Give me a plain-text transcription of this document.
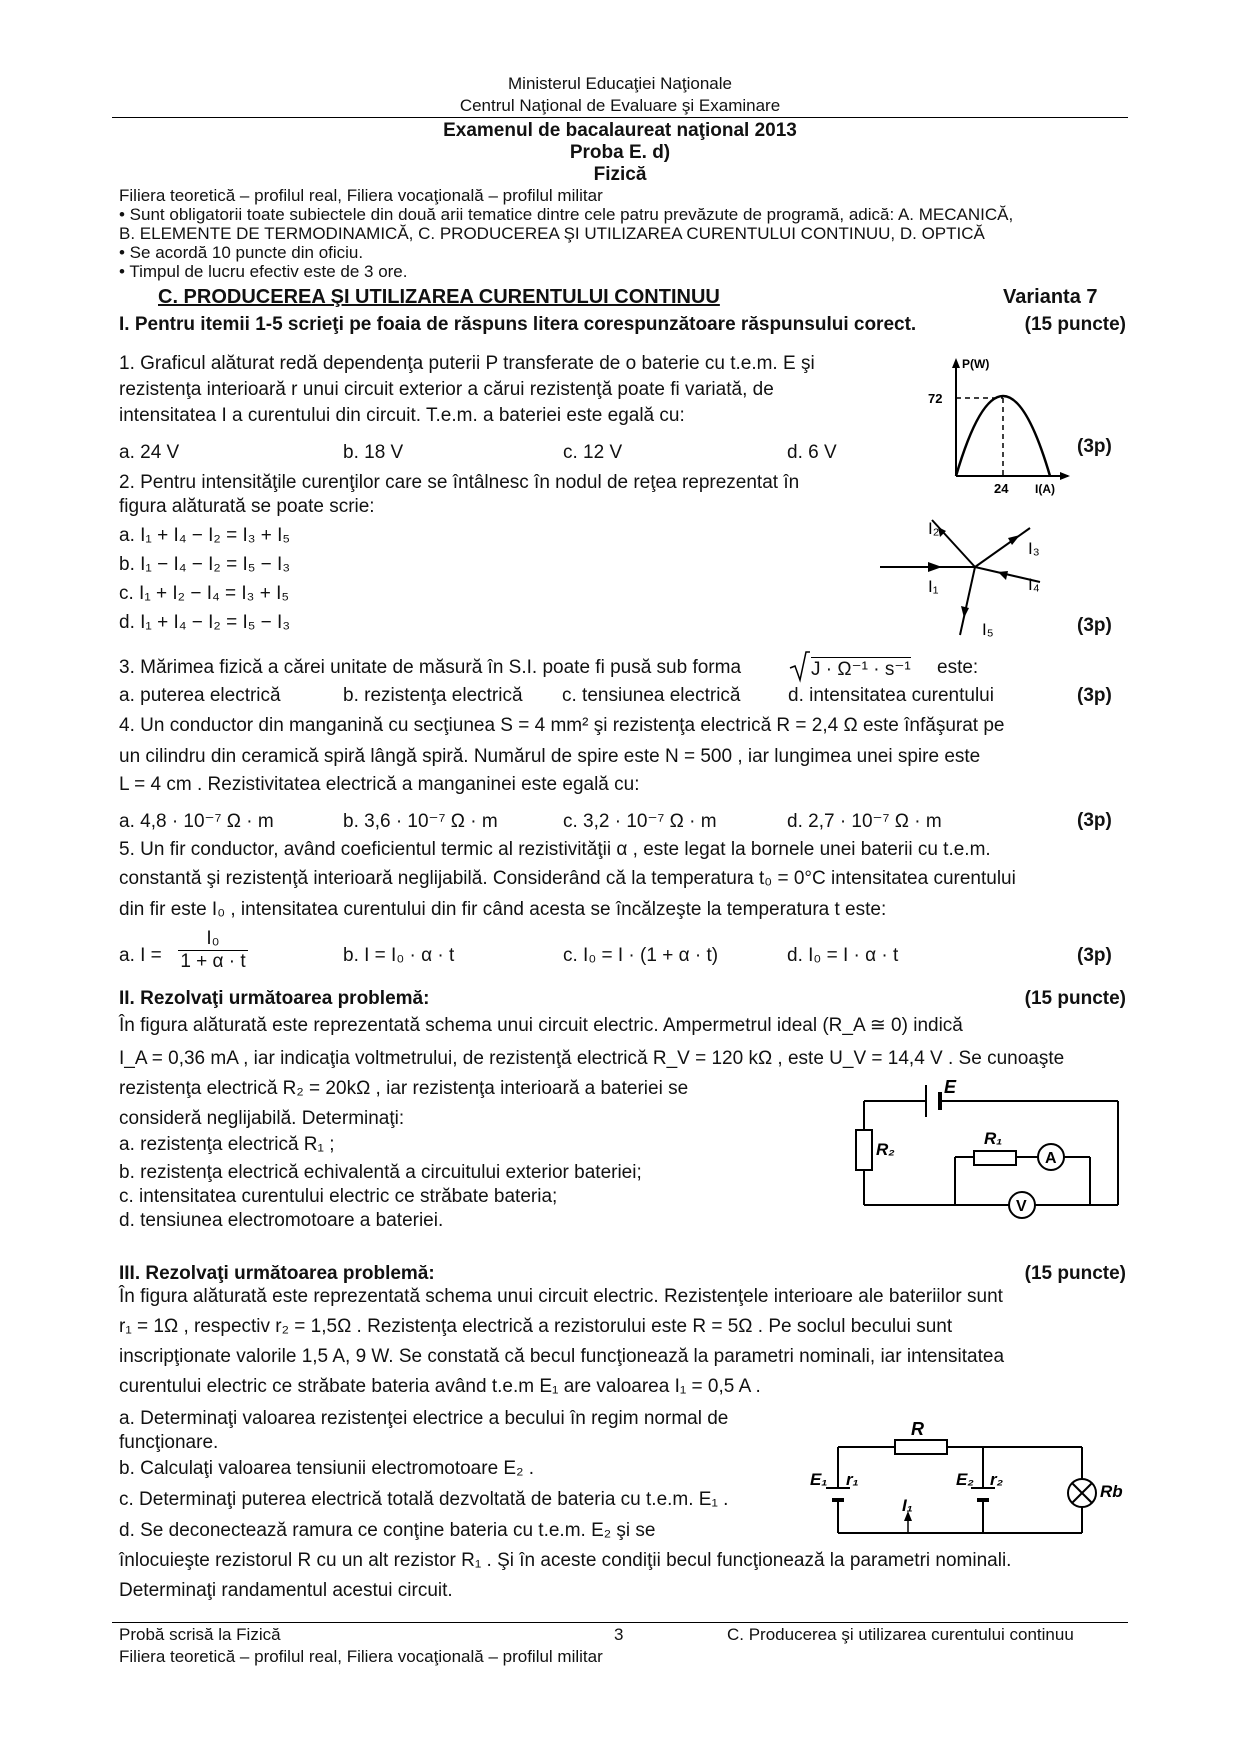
Ministerul Educaţiei Naţionale
Centrul Naţional de Evaluare şi Examinare
Examenul de bacalaureat naţional 2013
Proba E. d)
Fizică
Filiera teoretică – profilul real, Filiera vocaţională – profilul militar
• Sunt obligatorii toate subiectele din două arii tematice dintre cele patru prevăzute de programă, adică: A. MECANICĂ,
B. ELEMENTE DE TERMODINAMICĂ, C. PRODUCEREA ŞI UTILIZAREA CURENTULUI CONTINUU, D. OPTICĂ
• Se acordă 10 puncte din oficiu.
• Timpul de lucru efectiv este de 3 ore.
C. PRODUCEREA ŞI UTILIZAREA CURENTULUI CONTINUU	Varianta 7
I. Pentru itemii 1-5 scrieţi pe foaia de răspuns litera corespunzătoare răspunsului corect.	(15 puncte)
1. Graficul alăturat redă dependenţa puterii P transferate de o baterie cu t.e.m. E şi
rezistenţa interioară r unui circuit exterior a cărui rezistenţă poate fi variată, de
intensitatea I a curentului din circuit. T.e.m. a bateriei este egală cu:
a. 24 V	b. 18 V	c. 12 V	d. 6 V	(3p)
P(W)
72
24 I(A)
2. Pentru intensităţile curenţilor care se întâlnesc în nodul de reţea reprezentat în
figura alăturată se poate scrie:
a. I₁ + I₄ − I₂ = I₃ + I₅
b. I₁ − I₄ − I₂ = I₅ − I₃
c. I₁ + I₂ − I₄ = I₃ + I₅
d. I₁ + I₄ − I₂ = I₅ − I₃	(3p)
I₂
I₃
I₁	I₄
I₅
3. Mărimea fizică a cărei unitate de măsură în S.I. poate fi pusă sub forma	J · Ω⁻¹ · s⁻¹ este:
a. puterea electrică	b. rezistenţa electrică c. tensiunea electrică	d. intensitatea curentului	(3p)
4. Un conductor din manganină cu secţiunea S = 4 mm² şi rezistenţa electrică R = 2,4 Ω este înfăşurat pe
un cilindru din ceramică spiră lângă spiră. Numărul de spire este N = 500 , iar lungimea unei spire este
L = 4 cm . Rezistivitatea electrică a manganinei este egală cu:
a. 4,8 · 10⁻⁷ Ω · m	b. 3,6 · 10⁻⁷ Ω · m	c. 3,2 · 10⁻⁷ Ω · m	d. 2,7 · 10⁻⁷ Ω · m	(3p)
5. Un fir conductor, având coeficientul termic al rezistivităţii α , este legat la bornele unei baterii cu t.e.m.
constantă şi rezistenţă interioară neglijabilă. Considerând că la temperatura t₀ = 0°C intensitatea curentului
din fir este I₀ , intensitatea curentului din fir când acesta se încălzeşte la temperatura t este:
a. $I = \frac{\text{I₀}}{1 + \alpha \cdot t}$	b. I = I₀ · α · t	c. I₀ = I · (1 + α · t)	d. I₀ = I · α · t	(3p)
II. Rezolvaţi următoarea problemă:	(15 puncte)
În figura alăturată este reprezentată schema unui circuit electric. Ampermetrul ideal (R_A ≅ 0) indică
I_A = 0,36 mA , iar indicaţia voltmetrului, de rezistenţă electrică R_V = 120 kΩ , este U_V = 14,4 V . Se cunoaşte
rezistenţa electrică R₂ = 20kΩ , iar rezistenţa interioară a bateriei se
consideră neglijabilă. Determinaţi:
a. rezistenţa electrică R₁ ;
b. rezistenţa electrică echivalentă a circuitului exterior bateriei;
c. intensitatea curentului electric ce străbate bateria;
d. tensiunea electromotoare a bateriei.
E
R₂
R₁
A
V
III. Rezolvaţi următoarea problemă:	(15 puncte)
În figura alăturată este reprezentată schema unui circuit electric. Rezistenţele interioare ale bateriilor sunt
r₁ = 1Ω , respectiv r₂ = 1,5Ω . Rezistenţa electrică a rezistorului este R = 5Ω . Pe soclul becului sunt
inscripţionate valorile 1,5 A, 9 W. Se constată că becul funcţionează la parametri nominali, iar intensitatea
curentului electric ce străbate bateria având t.e.m E₁ are valoarea I₁ = 0,5 A .
a. Determinaţi valoarea rezistenţei electrice a becului în regim normal de
funcţionare.
b. Calculaţi valoarea tensiunii electromotoare E₂ .
c. Determinaţi puterea electrică totală dezvoltată de bateria cu t.e.m. E₁ .
d. Se deconectează ramura ce conţine bateria cu t.e.m. E₂ şi se
înlocuieşte rezistorul R cu un alt rezistor R₁ . Şi în aceste condiţii becul funcţionează la parametri nominali.
Determinaţi randamentul acestui circuit.
R
E₁ r₁	E₂ r₂
I₁
Rb
Probă scrisă la Fizică	3	C. Producerea şi utilizarea curentului continuu
Filiera teoretică – profilul real, Filiera vocaţională – profilul militar
